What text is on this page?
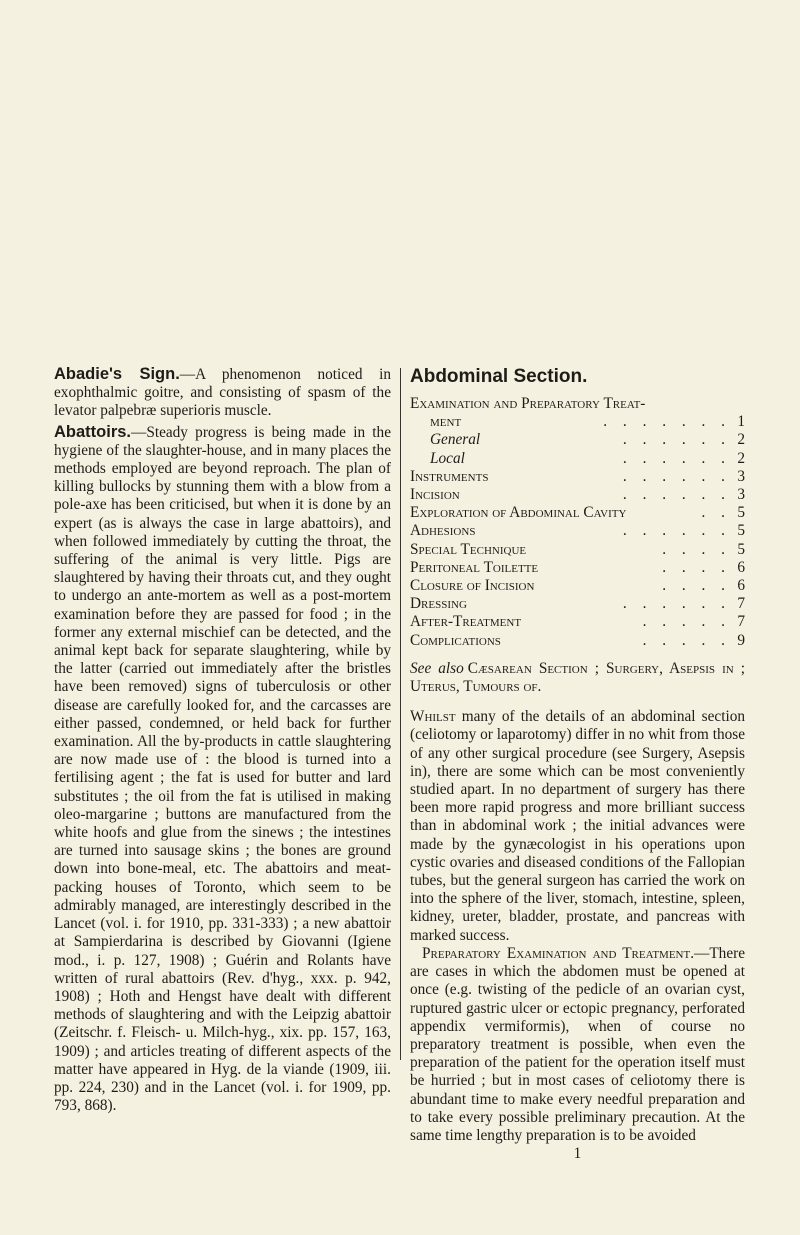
Abadie's Sign.—A phenomenon noticed in exophthalmic goitre, and consisting of spasm of the levator palpebræ superioris muscle.

Abattoirs.—Steady progress is being made in the hygiene of the slaughter-house, and in many places the methods employed are beyond reproach. The plan of killing bullocks by stunning them with a blow from a pole-axe has been criticised, but when it is done by an expert (as is always the case in large abattoirs), and when followed immediately by cutting the throat, the suffering of the animal is very little. Pigs are slaughtered by having their throats cut, and they ought to undergo an ante-mortem as well as a post-mortem examination before they are passed for food ; in the former any external mischief can be detected, and the animal kept back for separate slaughtering, while by the latter (carried out immediately after the bristles have been removed) signs of tuberculosis or other disease are carefully looked for, and the carcasses are either passed, condemned, or held back for further examination. All the by-products in cattle slaughtering are now made use of : the blood is turned into a fertilising agent ; the fat is used for butter and lard substitutes ; the oil from the fat is utilised in making oleo-margarine ; buttons are manufactured from the white hoofs and glue from the sinews ; the intestines are turned into sausage skins ; the bones are ground down into bone-meal, etc. The abattoirs and meat-packing houses of Toronto, which seem to be admirably managed, are interestingly described in the Lancet (vol. i. for 1910, pp. 331-333) ; a new abattoir at Sampierdarina is described by Giovanni (Igiene mod., i. p. 127, 1908) ; Guérin and Rolants have written of rural abattoirs (Rev. d'hyg., xxx. p. 942, 1908) ; Hoth and Hengst have dealt with different methods of slaughtering and with the Leipzig abattoir (Zeitschr. f. Fleisch- u. Milch-hyg., xix. pp. 157, 163, 1909) ; and articles treating of different aspects of the matter have appeared in Hyg. de la viande (1909, iii. pp. 224, 230) and in the Lancet (vol. i. for 1909, pp. 793, 868).

Abdominal Section.
Examination and Preparatory Treat-
ment	. . . . . . . 1
General	. . . . . . 2
Local	. . . . . . 2
Instruments	. . . . . . 3
Incision	. . . . . . 3
Exploration of Abdominal Cavity	. . 5
Adhesions	. . . . . . 5
Special Technique	. . . . 5
Peritoneal Toilette	. . . . 6
Closure of Incision	. . . . 6
Dressing	. . . . . . 7
After-Treatment	. . . . . 7
Complications	. . . . . 9

See also Cæsarean Section ; Surgery, Asepsis in ; Uterus, Tumours of.

Whilst many of the details of an abdominal section (celiotomy or laparotomy) differ in no whit from those of any other surgical procedure (see Surgery, Asepsis in), there are some which can be most conveniently studied apart. In no department of surgery has there been more rapid progress and more brilliant success than in abdominal work ; the initial advances were made by the gynæcologist in his operations upon cystic ovaries and diseased conditions of the Fallopian tubes, but the general surgeon has carried the work on into the sphere of the liver, stomach, intestine, spleen, kidney, ureter, bladder, prostate, and pancreas with marked success.

Preparatory Examination and Treatment.—There are cases in which the abdomen must be opened at once (e.g. twisting of the pedicle of an ovarian cyst, ruptured gastric ulcer or ectopic pregnancy, perforated appendix vermiformis), when of course no preparatory treatment is possible, when even the preparation of the patient for the operation itself must be hurried ; but in most cases of celiotomy there is abundant time to make every needful preparation and to take every possible preliminary precaution. At the same time lengthy preparation is to be avoided

1
